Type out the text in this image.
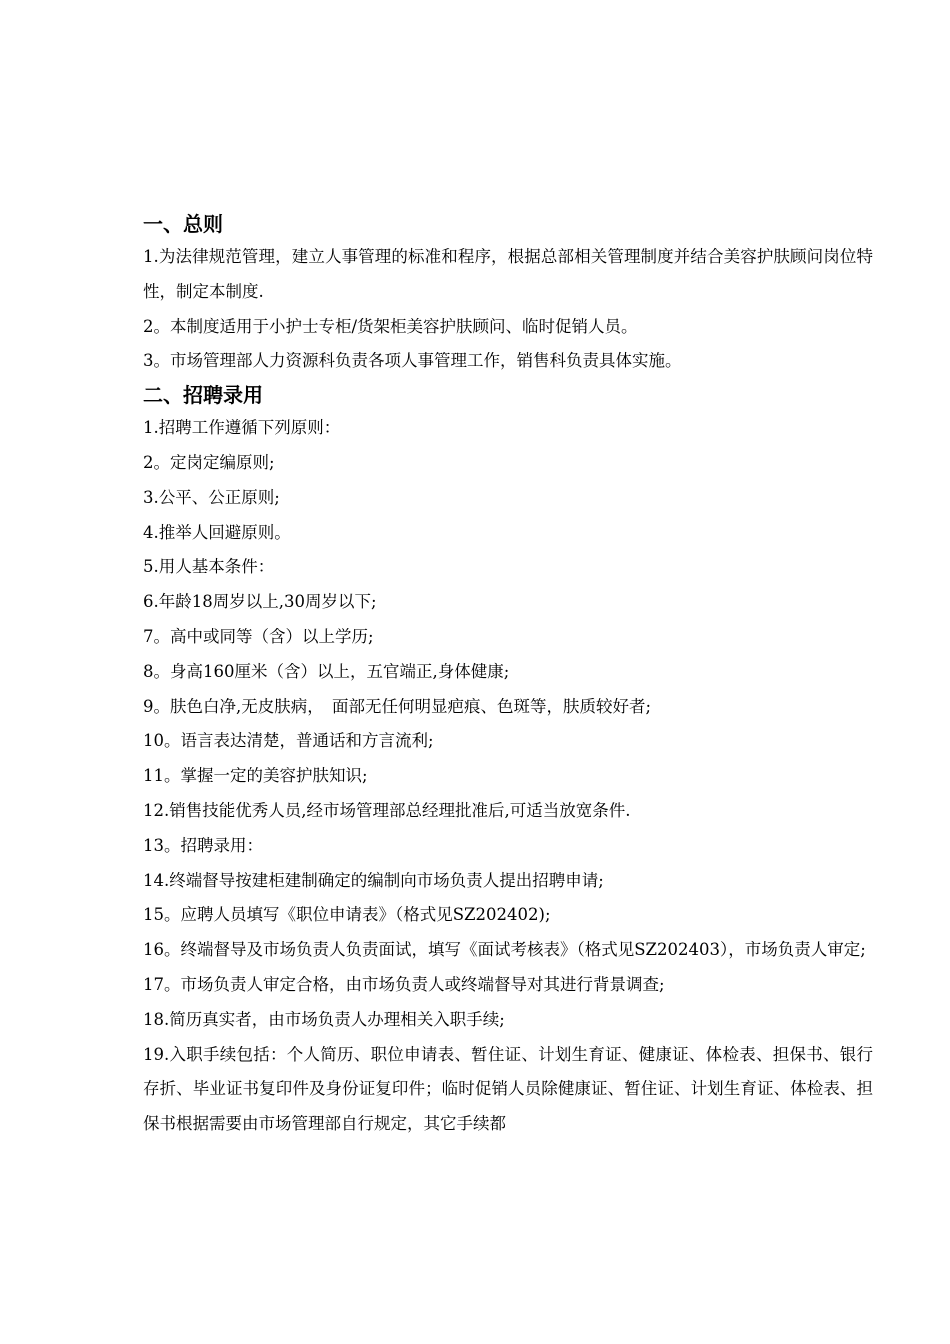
一、总则

1.为法律规范管理，建立人事管理的标准和程序，根据总部相关管理制度并结合美容护肤顾问岗位特性，制定本制度.

2。本制度适用于小护士专柜/货架柜美容护肤顾问、临时促销人员。

3。市场管理部人力资源科负责各项人事管理工作，销售科负责具体实施。

二、招聘录用

1.招聘工作遵循下列原则：

2。定岗定编原则;

3.公平、公正原则;

4.推举人回避原则。

5.用人基本条件：

6.年龄18周岁以上,30周岁以下;

7。高中或同等（含）以上学历;

8。身高160厘米（含）以上，五官端正,身体健康;

9。肤色白净,无皮肤病，　面部无任何明显疤痕、色斑等，肤质较好者;

10。语言表达清楚，普通话和方言流利;

11。掌握一定的美容护肤知识;

12.销售技能优秀人员,经市场管理部总经理批准后,可适当放宽条件.

13。招聘录用：

14.终端督导按建柜建制确定的编制向市场负责人提出招聘申请;

15。应聘人员填写《职位申请表》（格式见SZ202402);

16。终端督导及市场负责人负责面试，填写《面试考核表》（格式见SZ202403），市场负责人审定;

17。市场负责人审定合格，由市场负责人或终端督导对其进行背景调查;

18.简历真实者，由市场负责人办理相关入职手续;

19.入职手续包括：个人简历、职位申请表、暂住证、计划生育证、健康证、体检表、担保书、银行存折、毕业证书复印件及身份证复印件；临时促销人员除健康证、暂住证、计划生育证、体检表、担保书根据需要由市场管理部自行规定，其它手续都
